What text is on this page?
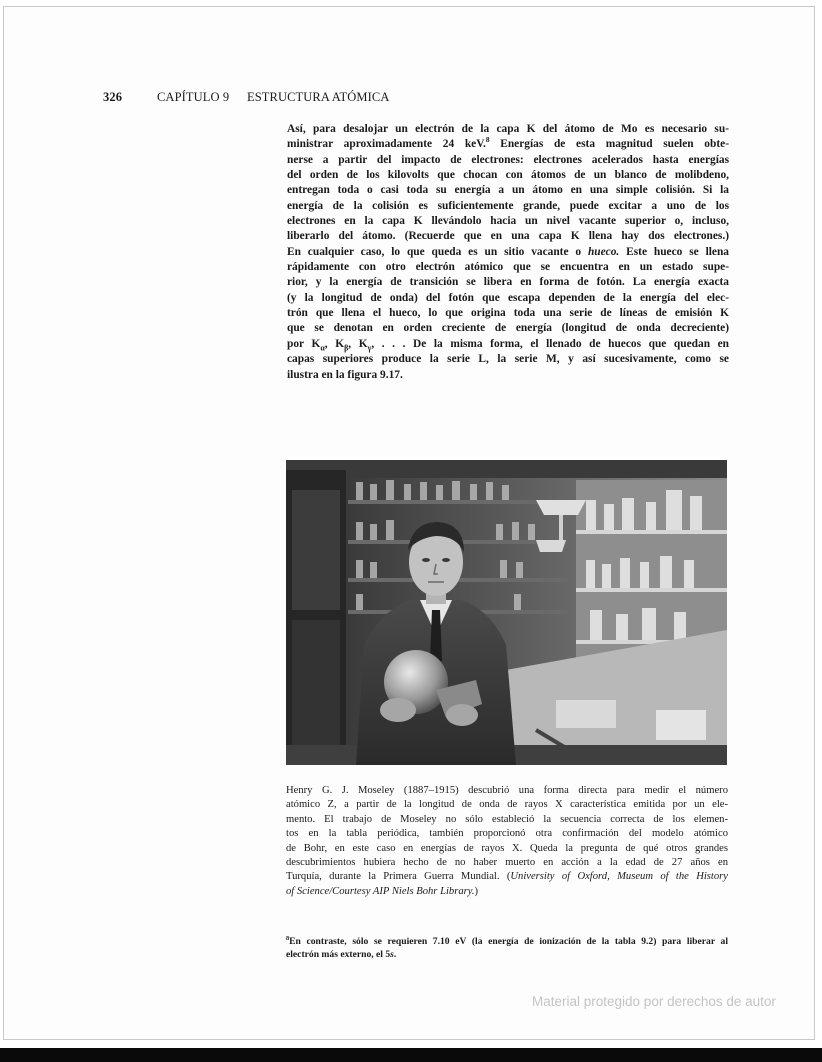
326	CAPÍTULO 9	ESTRUCTURA ATÓMICA

Así, para desalojar un electrón de la capa K del átomo de Mo es necesario su-
ministrar aproximadamente 24 keV.$^8$ Energías de esta magnitud suelen obte-
nerse a partir del impacto de electrones: electrones acelerados hasta energías
del orden de los kilovolts que chocan con átomos de un blanco de molibdeno,
entregan toda o casi toda su energía a un átomo en una simple colisión. Si la
energía de la colisión es suficientemente grande, puede excitar a uno de los
electrones en la capa K llevándolo hacia un nivel vacante superior o, incluso,
liberarlo del átomo. (Recuerde que en una capa K llena hay dos electrones.)
En cualquier caso, lo que queda es un sitio vacante o hueco. Este hueco se llena
rápidamente con otro electrón atómico que se encuentra en un estado supe-
rior, y la energía de transición se libera en forma de fotón. La energía exacta
(y la longitud de onda) del fotón que escapa dependen de la energía del elec-
trón que llena el hueco, lo que origina toda una serie de líneas de emisión K
que se denotan en orden creciente de energía (longitud de onda decreciente)
por $K_\alpha$, $K_\beta$, $K_\gamma$, . . . De la misma forma, el llenado de huecos que quedan en
capas superiores produce la serie L, la serie M, y así sucesivamente, como se
ilustra en la figura 9.17.

Henry G. J. Moseley (1887–1915) descubrió una forma directa para medir el número
atómico Z, a partir de la longitud de onda de rayos X característica emitida por un ele-
mento. El trabajo de Moseley no sólo estableció la secuencia correcta de los elemen-
tos en la tabla periódica, también proporcionó otra confirmación del modelo atómico
de Bohr, en este caso en energías de rayos X. Queda la pregunta de qué otros grandes
descubrimientos hubiera hecho de no haber muerto en acción a la edad de 27 años en
Turquía, durante la Primera Guerra Mundial. (University of Oxford, Museum of the History
of Science/Courtesy AIP Niels Bohr Library.)

$^8$En contraste, sólo se requieren 7.10 eV (la energía de ionización de la tabla 9.2) para liberar al
electrón más externo, el 5s.

Material protegido por derechos de autor
